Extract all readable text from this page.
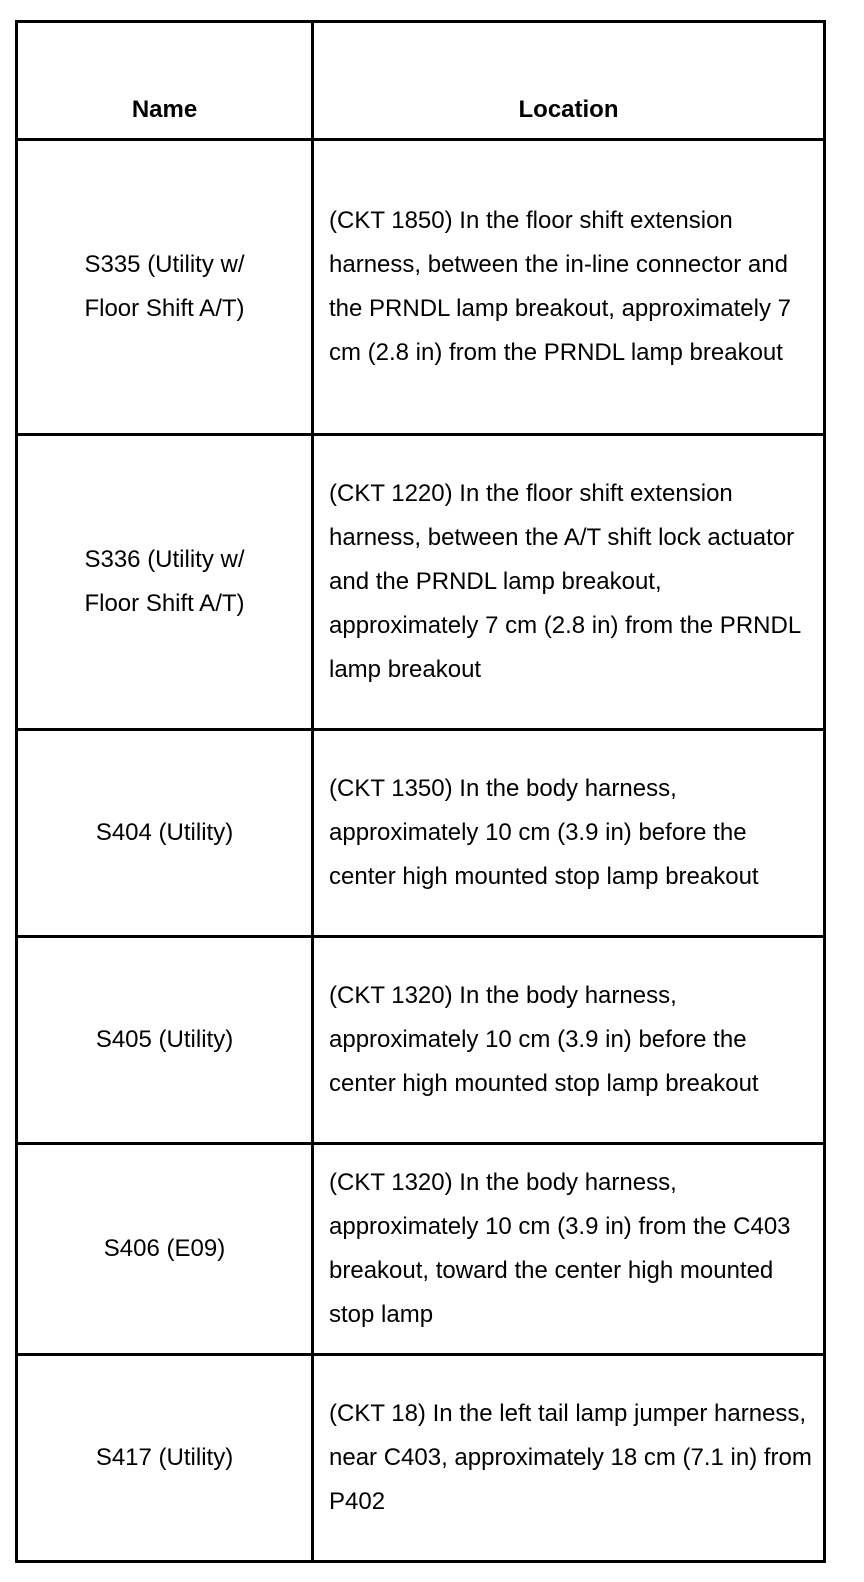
Name	Location
S335 (Utility w/
Floor Shift A/T)	(CKT 1850) In the floor shift extension harness, between the in-line connector and the PRNDL lamp breakout, approximately 7 cm (2.8 in) from the PRNDL lamp breakout
S336 (Utility w/
Floor Shift A/T)	(CKT 1220) In the floor shift extension harness, between the A/T shift lock actuator and the PRNDL lamp breakout, approximately 7 cm (2.8 in) from the PRNDL lamp breakout
S404 (Utility)	(CKT 1350) In the body harness, approximately 10 cm (3.9 in) before the center high mounted stop lamp breakout
S405 (Utility)	(CKT 1320) In the body harness, approximately 10 cm (3.9 in) before the center high mounted stop lamp breakout
S406 (E09)	(CKT 1320) In the body harness, approximately 10 cm (3.9 in) from the C403 breakout, toward the center high mounted stop lamp
S417 (Utility)	(CKT 18) In the left tail lamp jumper harness, near C403, approximately 18 cm (7.1 in) from P402
